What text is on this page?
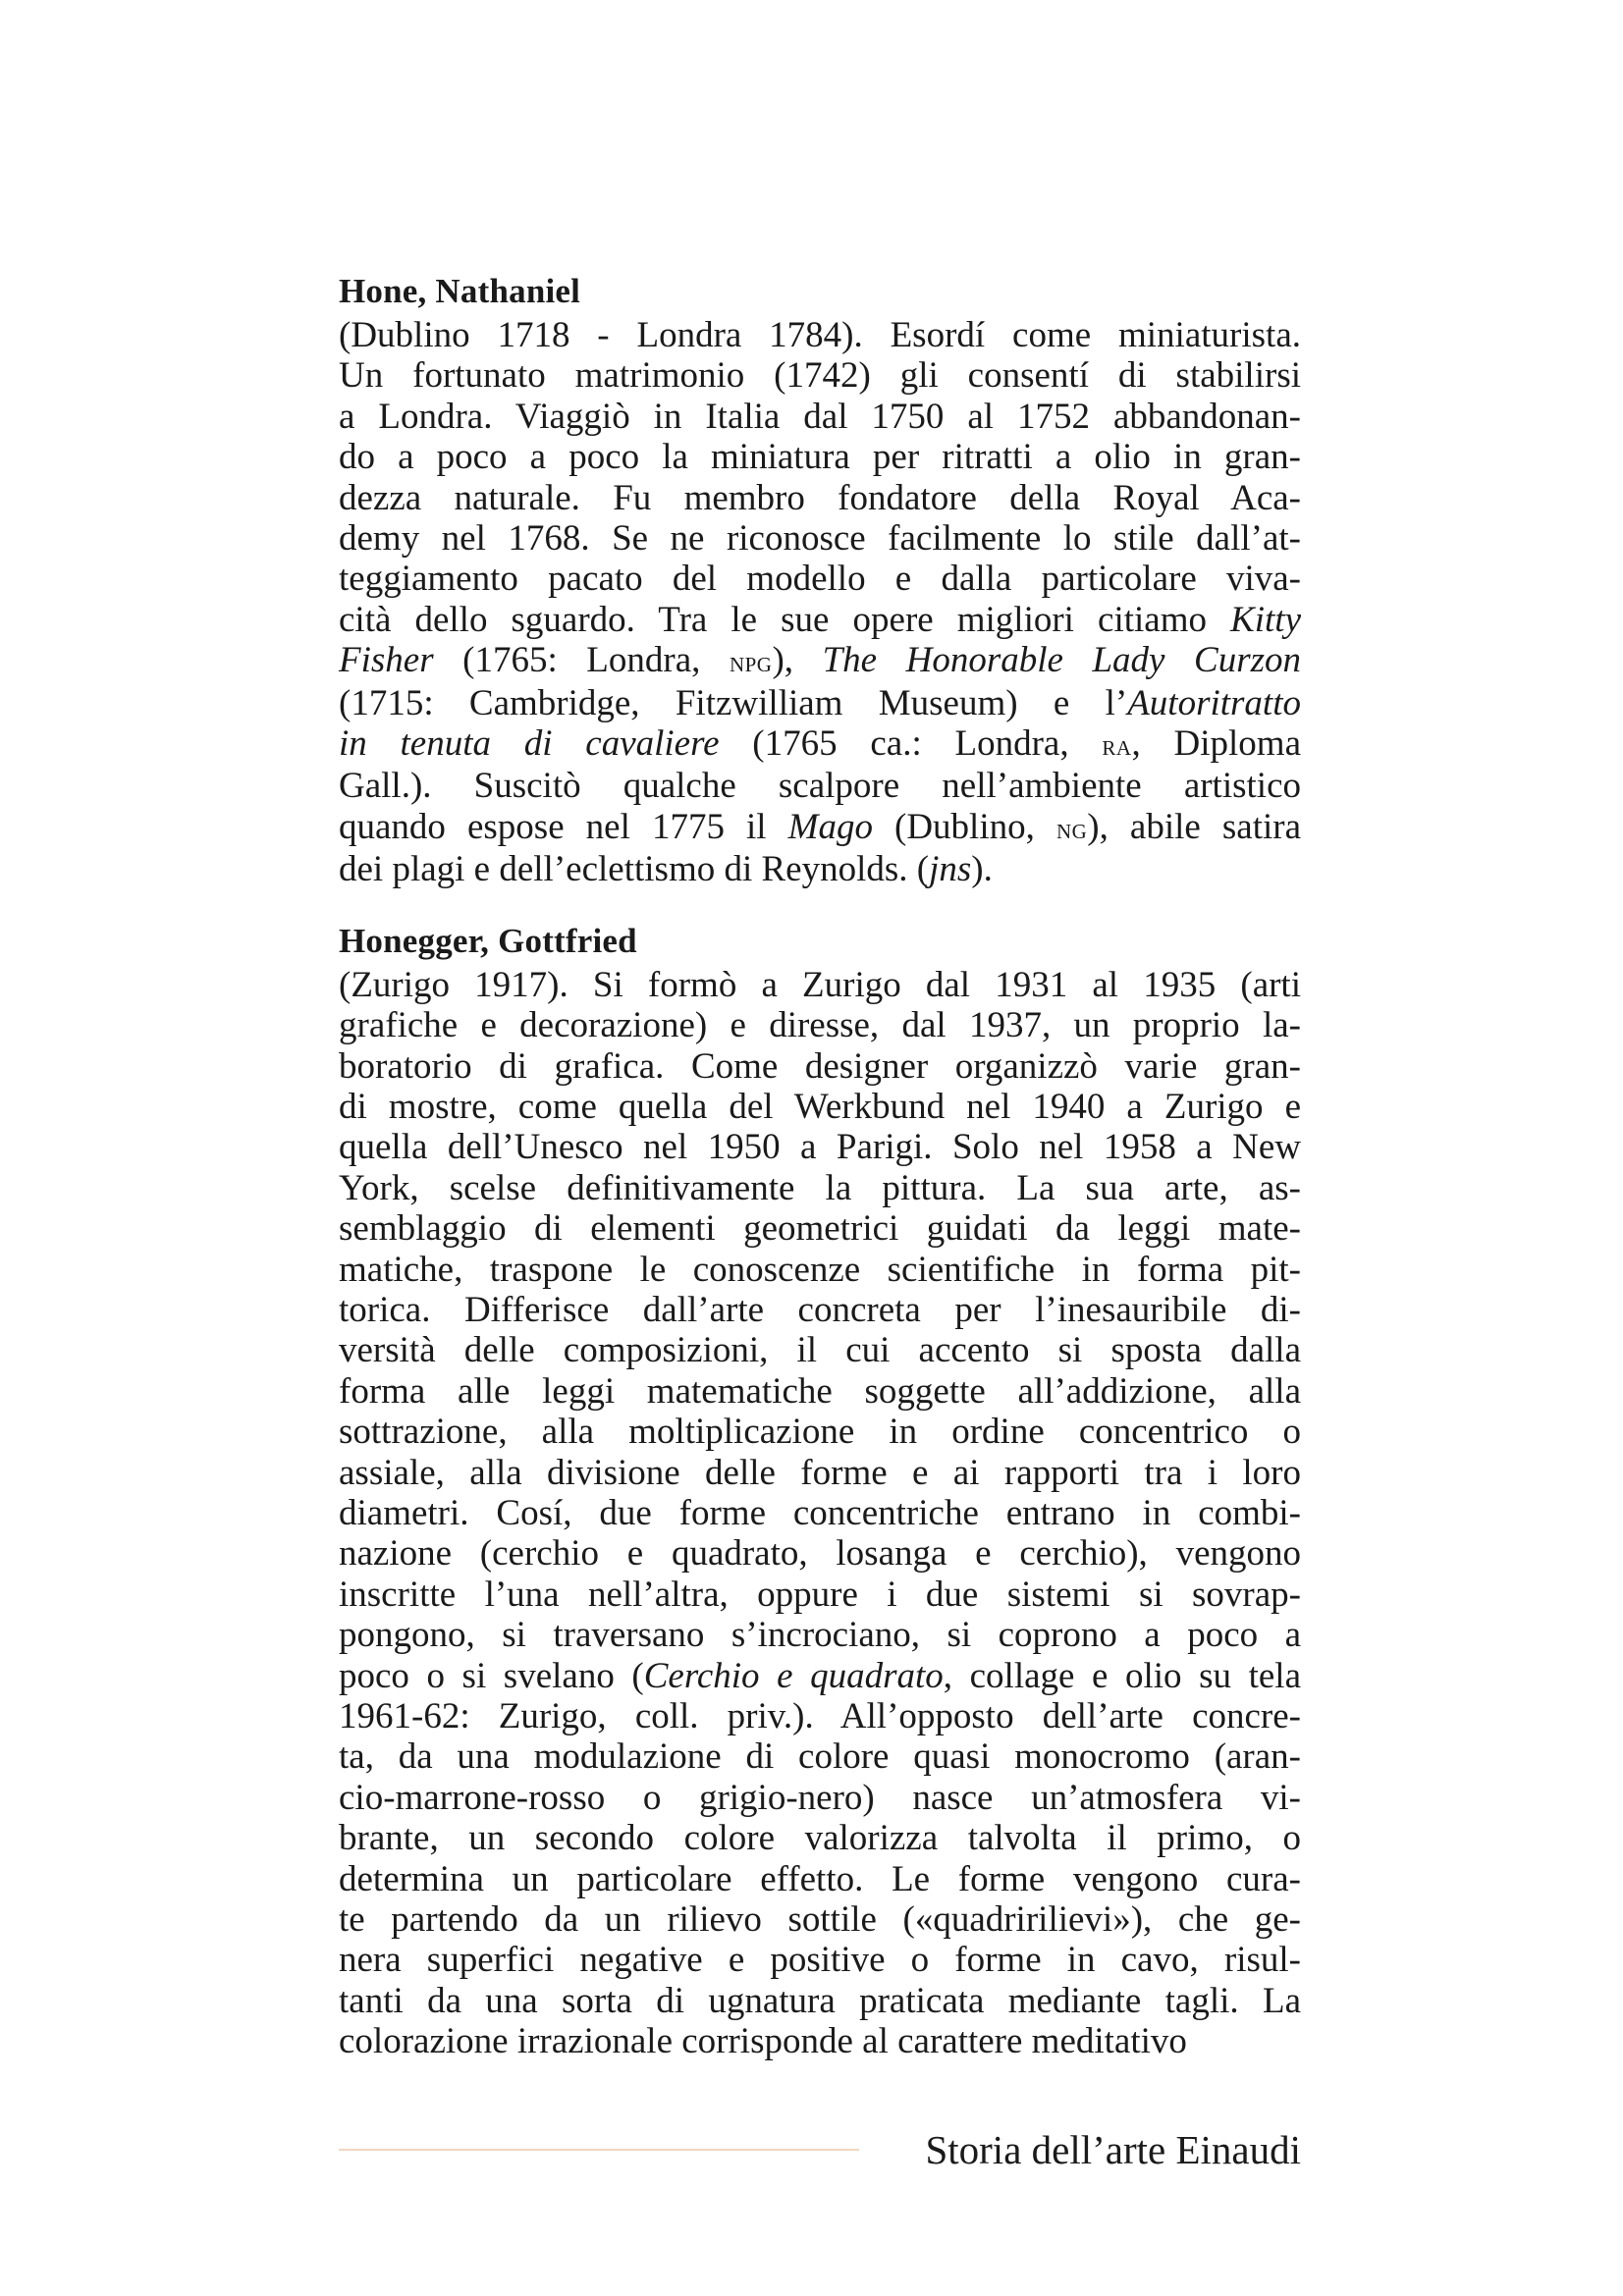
Hone, Nathaniel
(Dublino 1718 - Londra 1784). Esordí come miniaturista.
Un fortunato matrimonio (1742) gli consentí di stabilirsi
a Londra. Viaggiò in Italia dal 1750 al 1752 abbandonan-
do a poco a poco la miniatura per ritratti a olio in gran-
dezza naturale. Fu membro fondatore della Royal Aca-
demy nel 1768. Se ne riconosce facilmente lo stile dall’at-
teggiamento pacato del modello e dalla particolare viva-
cità dello sguardo. Tra le sue opere migliori citiamo Kitty
Fisher (1765: Londra, npg), The Honorable Lady Curzon
(1715: Cambridge, Fitzwilliam Museum) e l’Autoritratto
in tenuta di cavaliere (1765 ca.: Londra, ra, Diploma
Gall.). Suscitò qualche scalpore nell’ambiente artistico
quando espose nel 1775 il Mago (Dublino, ng), abile satira
dei plagi e dell’eclettismo di Reynolds. (jns).
Honegger, Gottfried
(Zurigo 1917). Si formò a Zurigo dal 1931 al 1935 (arti
grafiche e decorazione) e diresse, dal 1937, un proprio la-
boratorio di grafica. Come designer organizzò varie gran-
di mostre, come quella del Werkbund nel 1940 a Zurigo e
quella dell’Unesco nel 1950 a Parigi. Solo nel 1958 a New
York, scelse definitivamente la pittura. La sua arte, as-
semblaggio di elementi geometrici guidati da leggi mate-
matiche, traspone le conoscenze scientifiche in forma pit-
torica. Differisce dall’arte concreta per l’inesauribile di-
versità delle composizioni, il cui accento si sposta dalla
forma alle leggi matematiche soggette all’addizione, alla
sottrazione, alla moltiplicazione in ordine concentrico o
assiale, alla divisione delle forme e ai rapporti tra i loro
diametri. Cosí, due forme concentriche entrano in combi-
nazione (cerchio e quadrato, losanga e cerchio), vengono
inscritte l’una nell’altra, oppure i due sistemi si sovrap-
pongono, si traversano s’incrociano, si coprono a poco a
poco o si svelano (Cerchio e quadrato, collage e olio su tela
1961-62: Zurigo, coll. priv.). All’opposto dell’arte concre-
ta, da una modulazione di colore quasi monocromo (aran-
cio-marrone-rosso o grigio-nero) nasce un’atmosfera vi-
brante, un secondo colore valorizza talvolta il primo, o
determina un particolare effetto. Le forme vengono cura-
te partendo da un rilievo sottile («quadririlievi»), che ge-
nera superfici negative e positive o forme in cavo, risul-
tanti da una sorta di ugnatura praticata mediante tagli. La
colorazione irrazionale corrisponde al carattere meditativo
Storia dell’arte Einaudi
